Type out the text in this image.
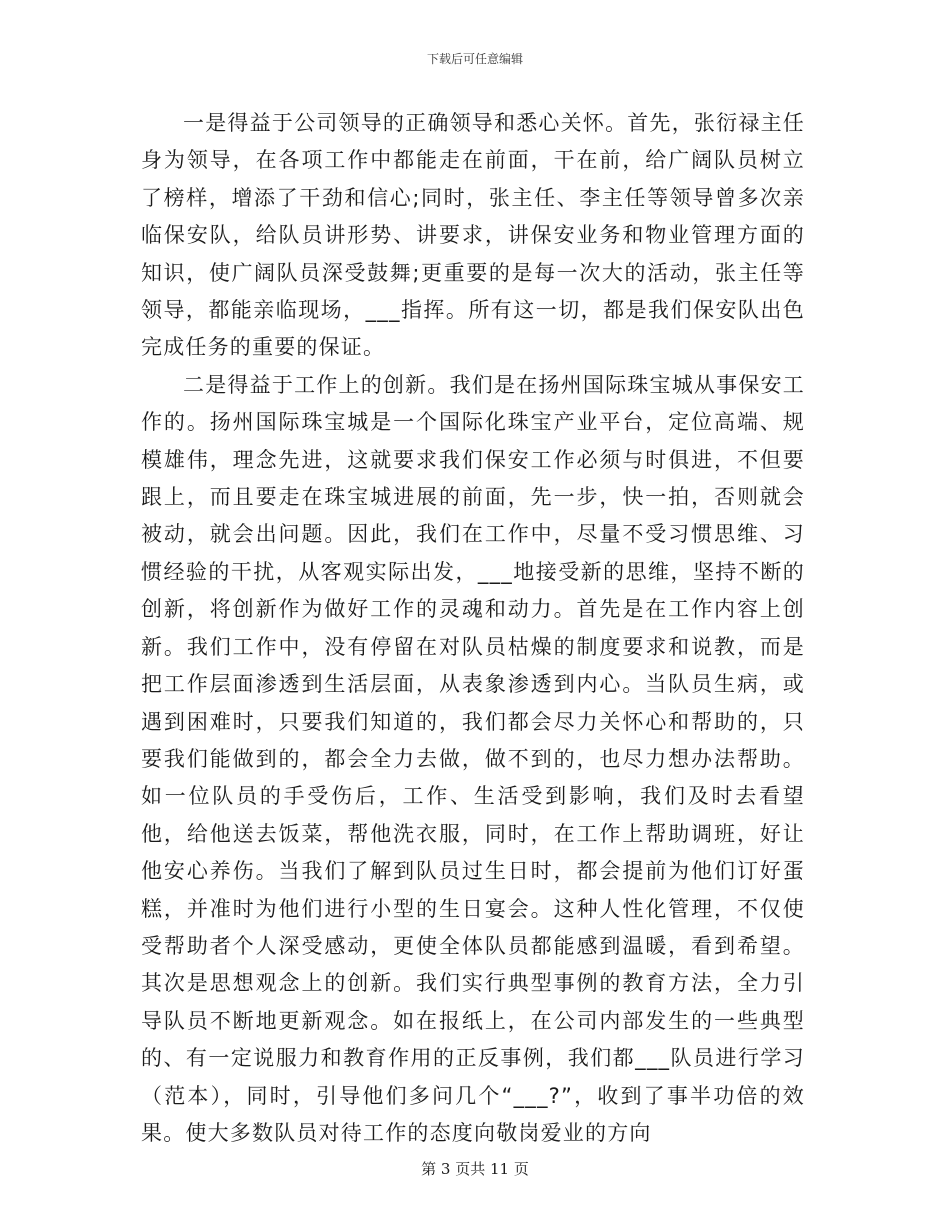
下载后可任意编辑

一是得益于公司领导的正确领导和悉心关怀。首先，张衍禄主任身为领导，在各项工作中都能走在前面，干在前，给广阔队员树立了榜样，增添了干劲和信心;同时，张主任、李主任等领导曾多次亲临保安队，给队员讲形势、讲要求，讲保安业务和物业管理方面的知识，使广阔队员深受鼓舞;更重要的是每一次大的活动，张主任等领导，都能亲临现场，___指挥。所有这一切，都是我们保安队出色完成任务的重要的保证。

二是得益于工作上的创新。我们是在扬州国际珠宝城从事保安工作的。扬州国际珠宝城是一个国际化珠宝产业平台，定位高端、规模雄伟，理念先进，这就要求我们保安工作必须与时俱进，不但要跟上，而且要走在珠宝城进展的前面，先一步，快一拍，否则就会被动，就会出问题。因此，我们在工作中，尽量不受习惯思维、习惯经验的干扰，从客观实际出发，___地接受新的思维，坚持不断的创新，将创新作为做好工作的灵魂和动力。首先是在工作内容上创新。我们工作中，没有停留在对队员枯燥的制度要求和说教，而是把工作层面渗透到生活层面，从表象渗透到内心。当队员生病，或遇到困难时，只要我们知道的，我们都会尽力关怀心和帮助的，只要我们能做到的，都会全力去做，做不到的，也尽力想办法帮助。如一位队员的手受伤后，工作、生活受到影响，我们及时去看望他，给他送去饭菜，帮他洗衣服，同时，在工作上帮助调班，好让他安心养伤。当我们了解到队员过生日时，都会提前为他们订好蛋糕，并准时为他们进行小型的生日宴会。这种人性化管理，不仅使受帮助者个人深受感动，更使全体队员都能感到温暖，看到希望。其次是思想观念上的创新。我们实行典型事例的教育方法，全力引导队员不断地更新观念。如在报纸上，在公司内部发生的一些典型的、有一定说服力和教育作用的正反事例，我们都___队员进行学习（范本），同时，引导他们多问几个“___?”，收到了事半功倍的效果。使大多数队员对待工作的态度向敬岗爱业的方向

第 3 页共 11 页
